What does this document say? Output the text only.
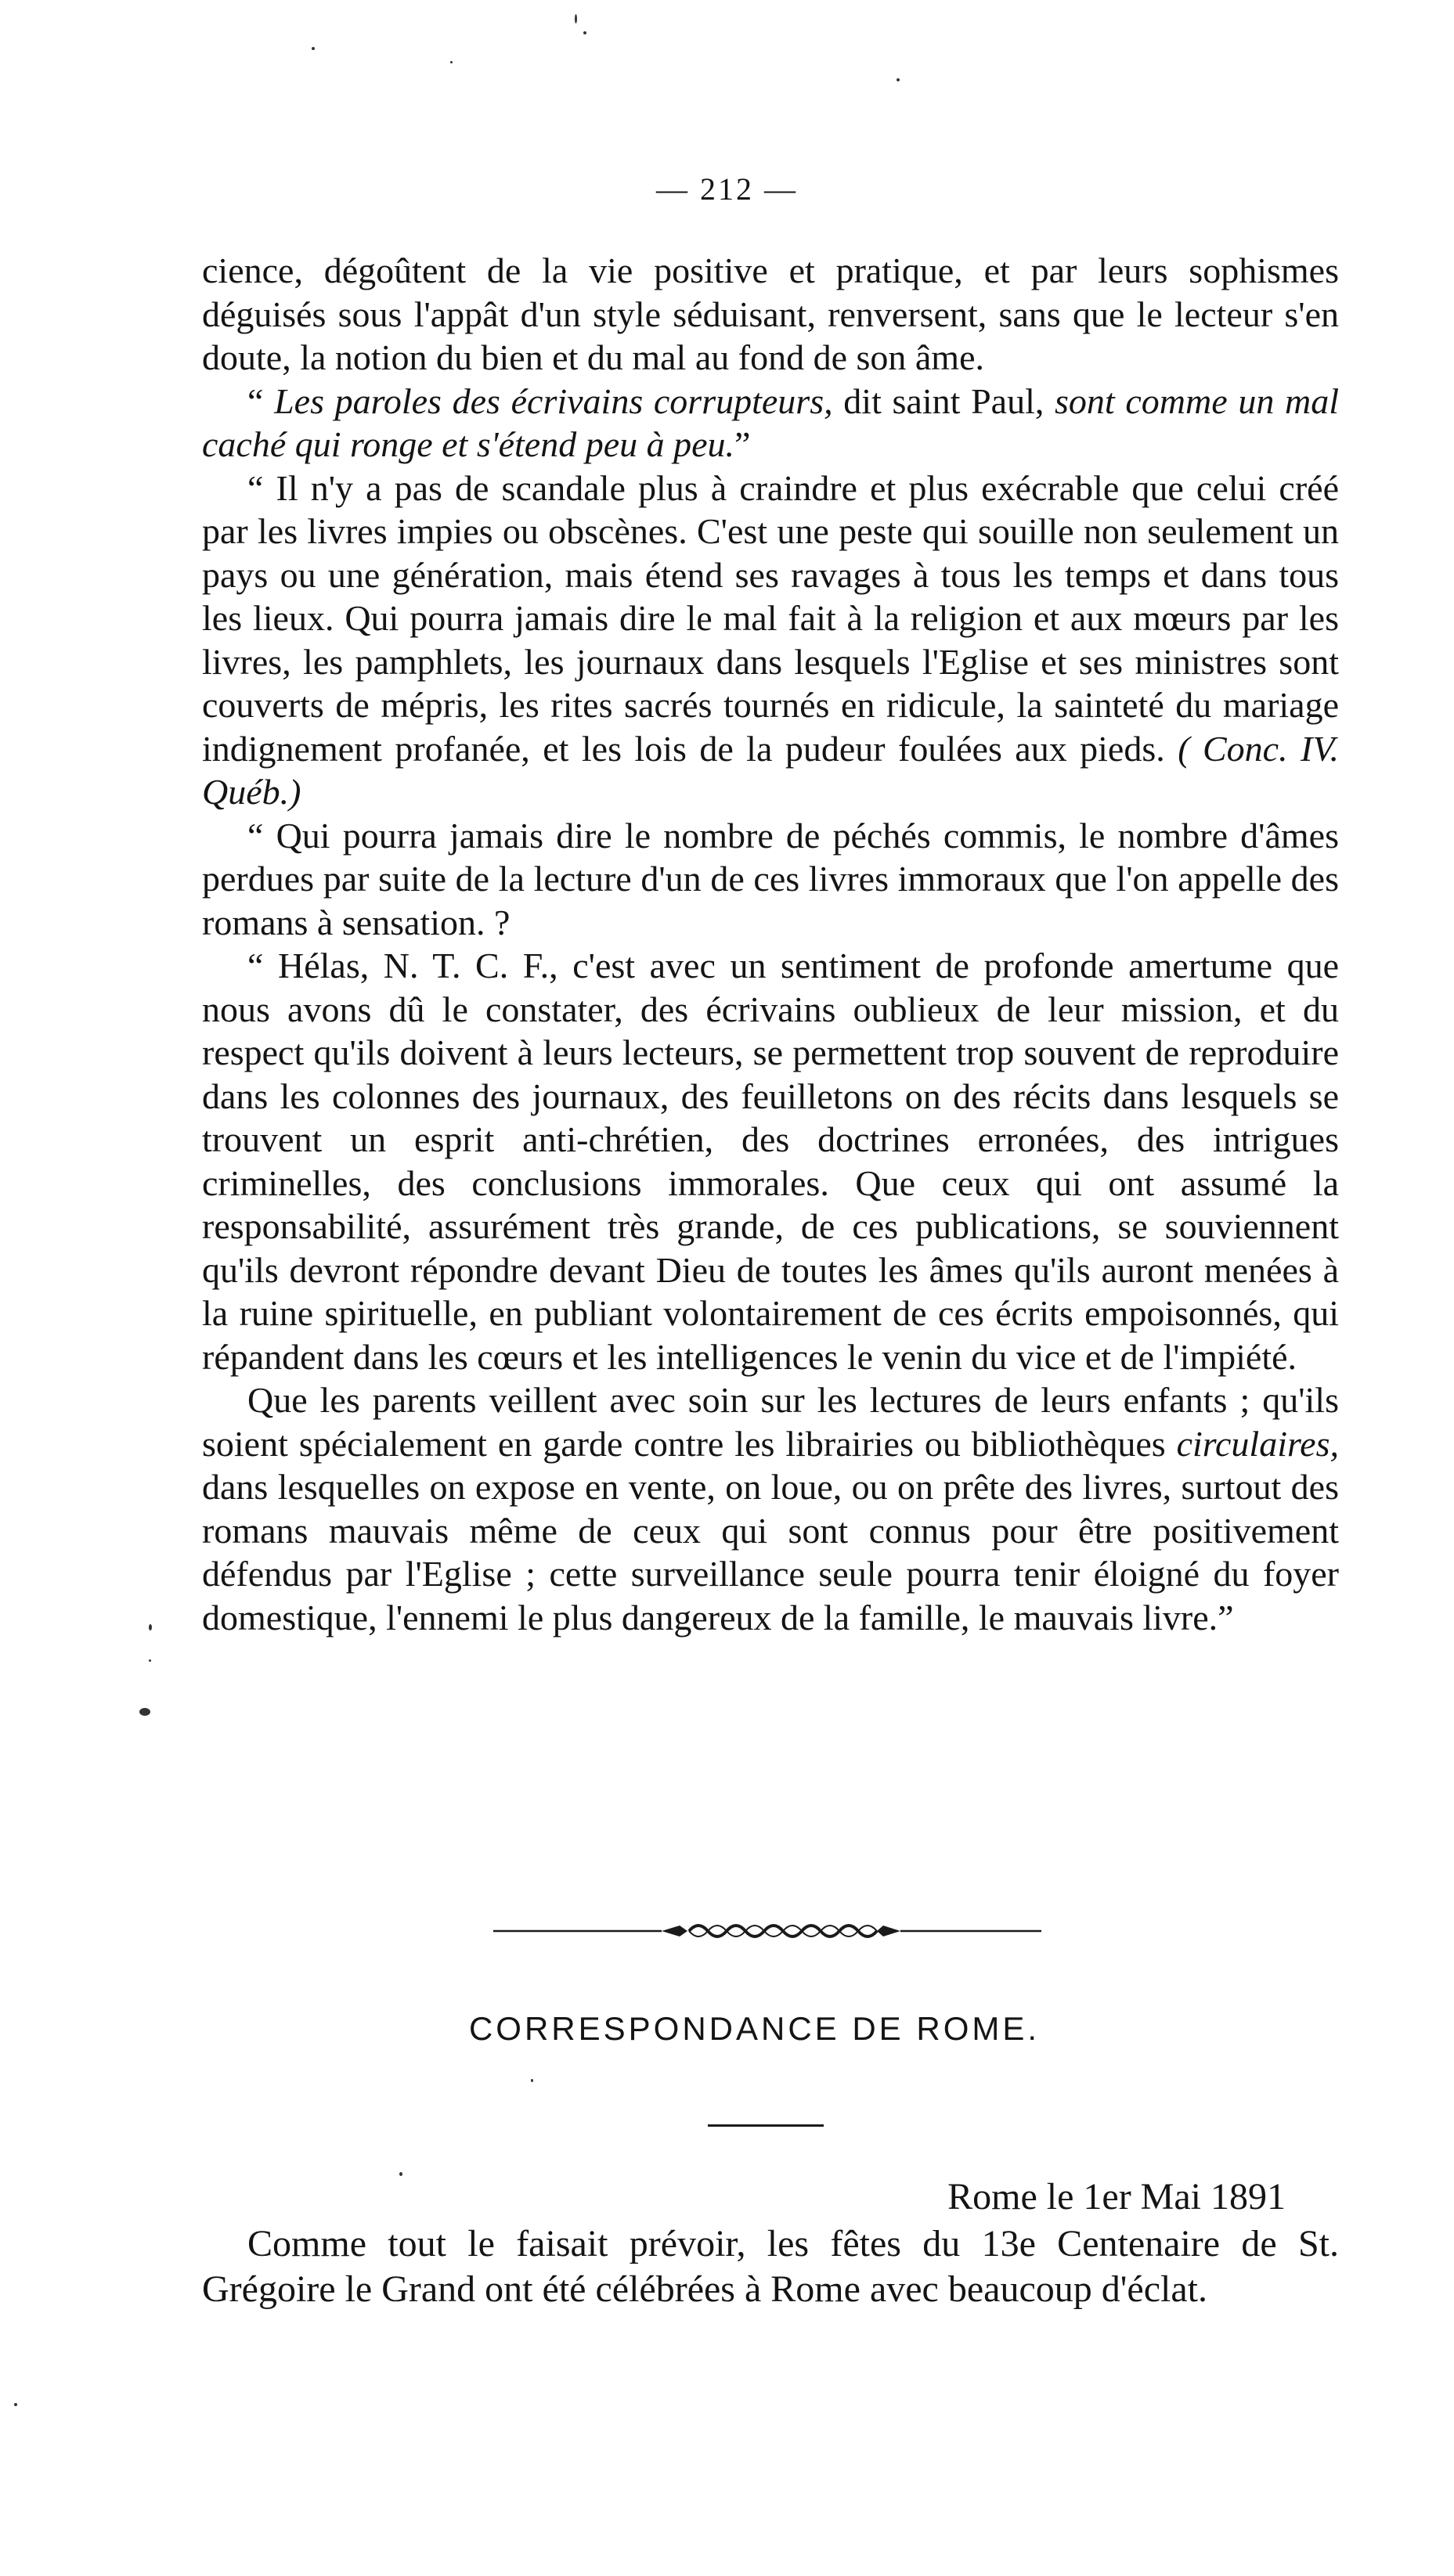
— 212 —

cience, dégoûtent de la vie positive et pratique, et par leurs sophismes déguisés sous l'appât d'un style séduisant, renversent, sans que le lecteur s'en doute, la notion du bien et du mal au fond de son âme.

“ Les paroles des écrivains corrupteurs, dit saint Paul, sont comme un mal caché qui ronge et s'étend peu à peu.”

“ Il n'y a pas de scandale plus à craindre et plus exécrable que celui créé par les livres impies ou obscènes. C'est une peste qui souille non seulement un pays ou une génération, mais étend ses ravages à tous les temps et dans tous les lieux. Qui pourra jamais dire le mal fait à la religion et aux mœurs par les livres, les pamphlets, les journaux dans lesquels l'Eglise et ses ministres sont couverts de mépris, les rites sacrés tournés en ridicule, la sainteté du mariage indignement profanée, et les lois de la pudeur foulées aux pieds. ( Conc. IV. Québ.)

“ Qui pourra jamais dire le nombre de péchés commis, le nombre d'âmes perdues par suite de la lecture d'un de ces livres immoraux que l'on appelle des romans à sensation. ?

“ Hélas, N. T. C. F., c'est avec un sentiment de profonde amertume que nous avons dû le constater, des écrivains oublieux de leur mission, et du respect qu'ils doivent à leurs lecteurs, se permettent trop souvent de reproduire dans les colonnes des journaux, des feuilletons on des récits dans lesquels se trouvent un esprit anti-chrétien, des doctrines erronées, des intrigues criminelles, des conclusions immorales. Que ceux qui ont assumé la responsabilité, assurément très grande, de ces publications, se souviennent qu'ils devront répondre devant Dieu de toutes les âmes qu'ils auront menées à la ruine spirituelle, en publiant volontairement de ces écrits empoisonnés, qui répandent dans les cœurs et les intelligences le venin du vice et de l'impiété.

Que les parents veillent avec soin sur les lectures de leurs enfants ; qu'ils soient spécialement en garde contre les librairies ou bibliothèques circulaires, dans lesquelles on expose en vente, on loue, ou on prête des livres, surtout des romans mauvais même de ceux qui sont connus pour être positivement défendus par l'Eglise ; cette surveillance seule pourra tenir éloigné du foyer domestique, l'ennemi le plus dangereux de la famille, le mauvais livre.”

CORRESPONDANCE DE ROME.
Rome le 1er Mai 1891

Comme tout le faisait prévoir, les fêtes du 13e Centenaire de St. Grégoire le Grand ont été célébrées à Rome avec beaucoup d'éclat.
